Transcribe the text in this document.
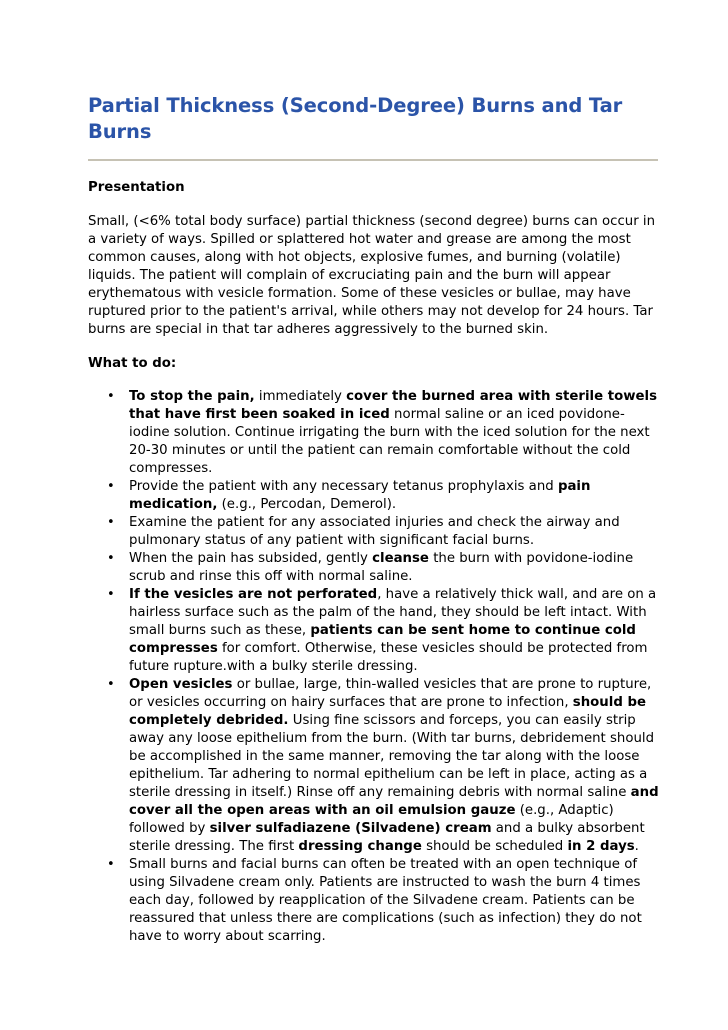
Partial Thickness (Second-Degree) Burns and Tar Burns
Presentation

Small, (<6% total body surface) partial thickness (second degree) burns can occur in a variety of ways. Spilled or splattered hot water and grease are among the most common causes, along with hot objects, explosive fumes, and burning (volatile) liquids. The patient will complain of excruciating pain and the burn will appear erythematous with vesicle formation. Some of these vesicles or bullae, may have ruptured prior to the patient's arrival, while others may not develop for 24 hours. Tar burns are special in that tar adheres aggressively to the burned skin.

What to do:
• To stop the pain, immediately cover the burned area with sterile towels that have first been soaked in iced normal saline or an iced povidone-iodine solution. Continue irrigating the burn with the iced solution for the next 20-30 minutes or until the patient can remain comfortable without the cold compresses.
• Provide the patient with any necessary tetanus prophylaxis and pain medication, (e.g., Percodan, Demerol).
• Examine the patient for any associated injuries and check the airway and pulmonary status of any patient with significant facial burns.
• When the pain has subsided, gently cleanse the burn with povidone-iodine scrub and rinse this off with normal saline.
• If the vesicles are not perforated, have a relatively thick wall, and are on a hairless surface such as the palm of the hand, they should be left intact. With small burns such as these, patients can be sent home to continue cold compresses for comfort. Otherwise, these vesicles should be protected from future rupture.with a bulky sterile dressing.
• Open vesicles or bullae, large, thin-walled vesicles that are prone to rupture, or vesicles occurring on hairy surfaces that are prone to infection, should be completely debrided. Using fine scissors and forceps, you can easily strip away any loose epithelium from the burn. (With tar burns, debridement should be accomplished in the same manner, removing the tar along with the loose epithelium. Tar adhering to normal epithelium can be left in place, acting as a sterile dressing in itself.) Rinse off any remaining debris with normal saline and cover all the open areas with an oil emulsion gauze (e.g., Adaptic) followed by silver sulfadiazene (Silvadene) cream and a bulky absorbent sterile dressing. The first dressing change should be scheduled in 2 days.
• Small burns and facial burns can often be treated with an open technique of using Silvadene cream only. Patients are instructed to wash the burn 4 times each day, followed by reapplication of the Silvadene cream. Patients can be reassured that unless there are complications (such as infection) they do not have to worry about scarring.
